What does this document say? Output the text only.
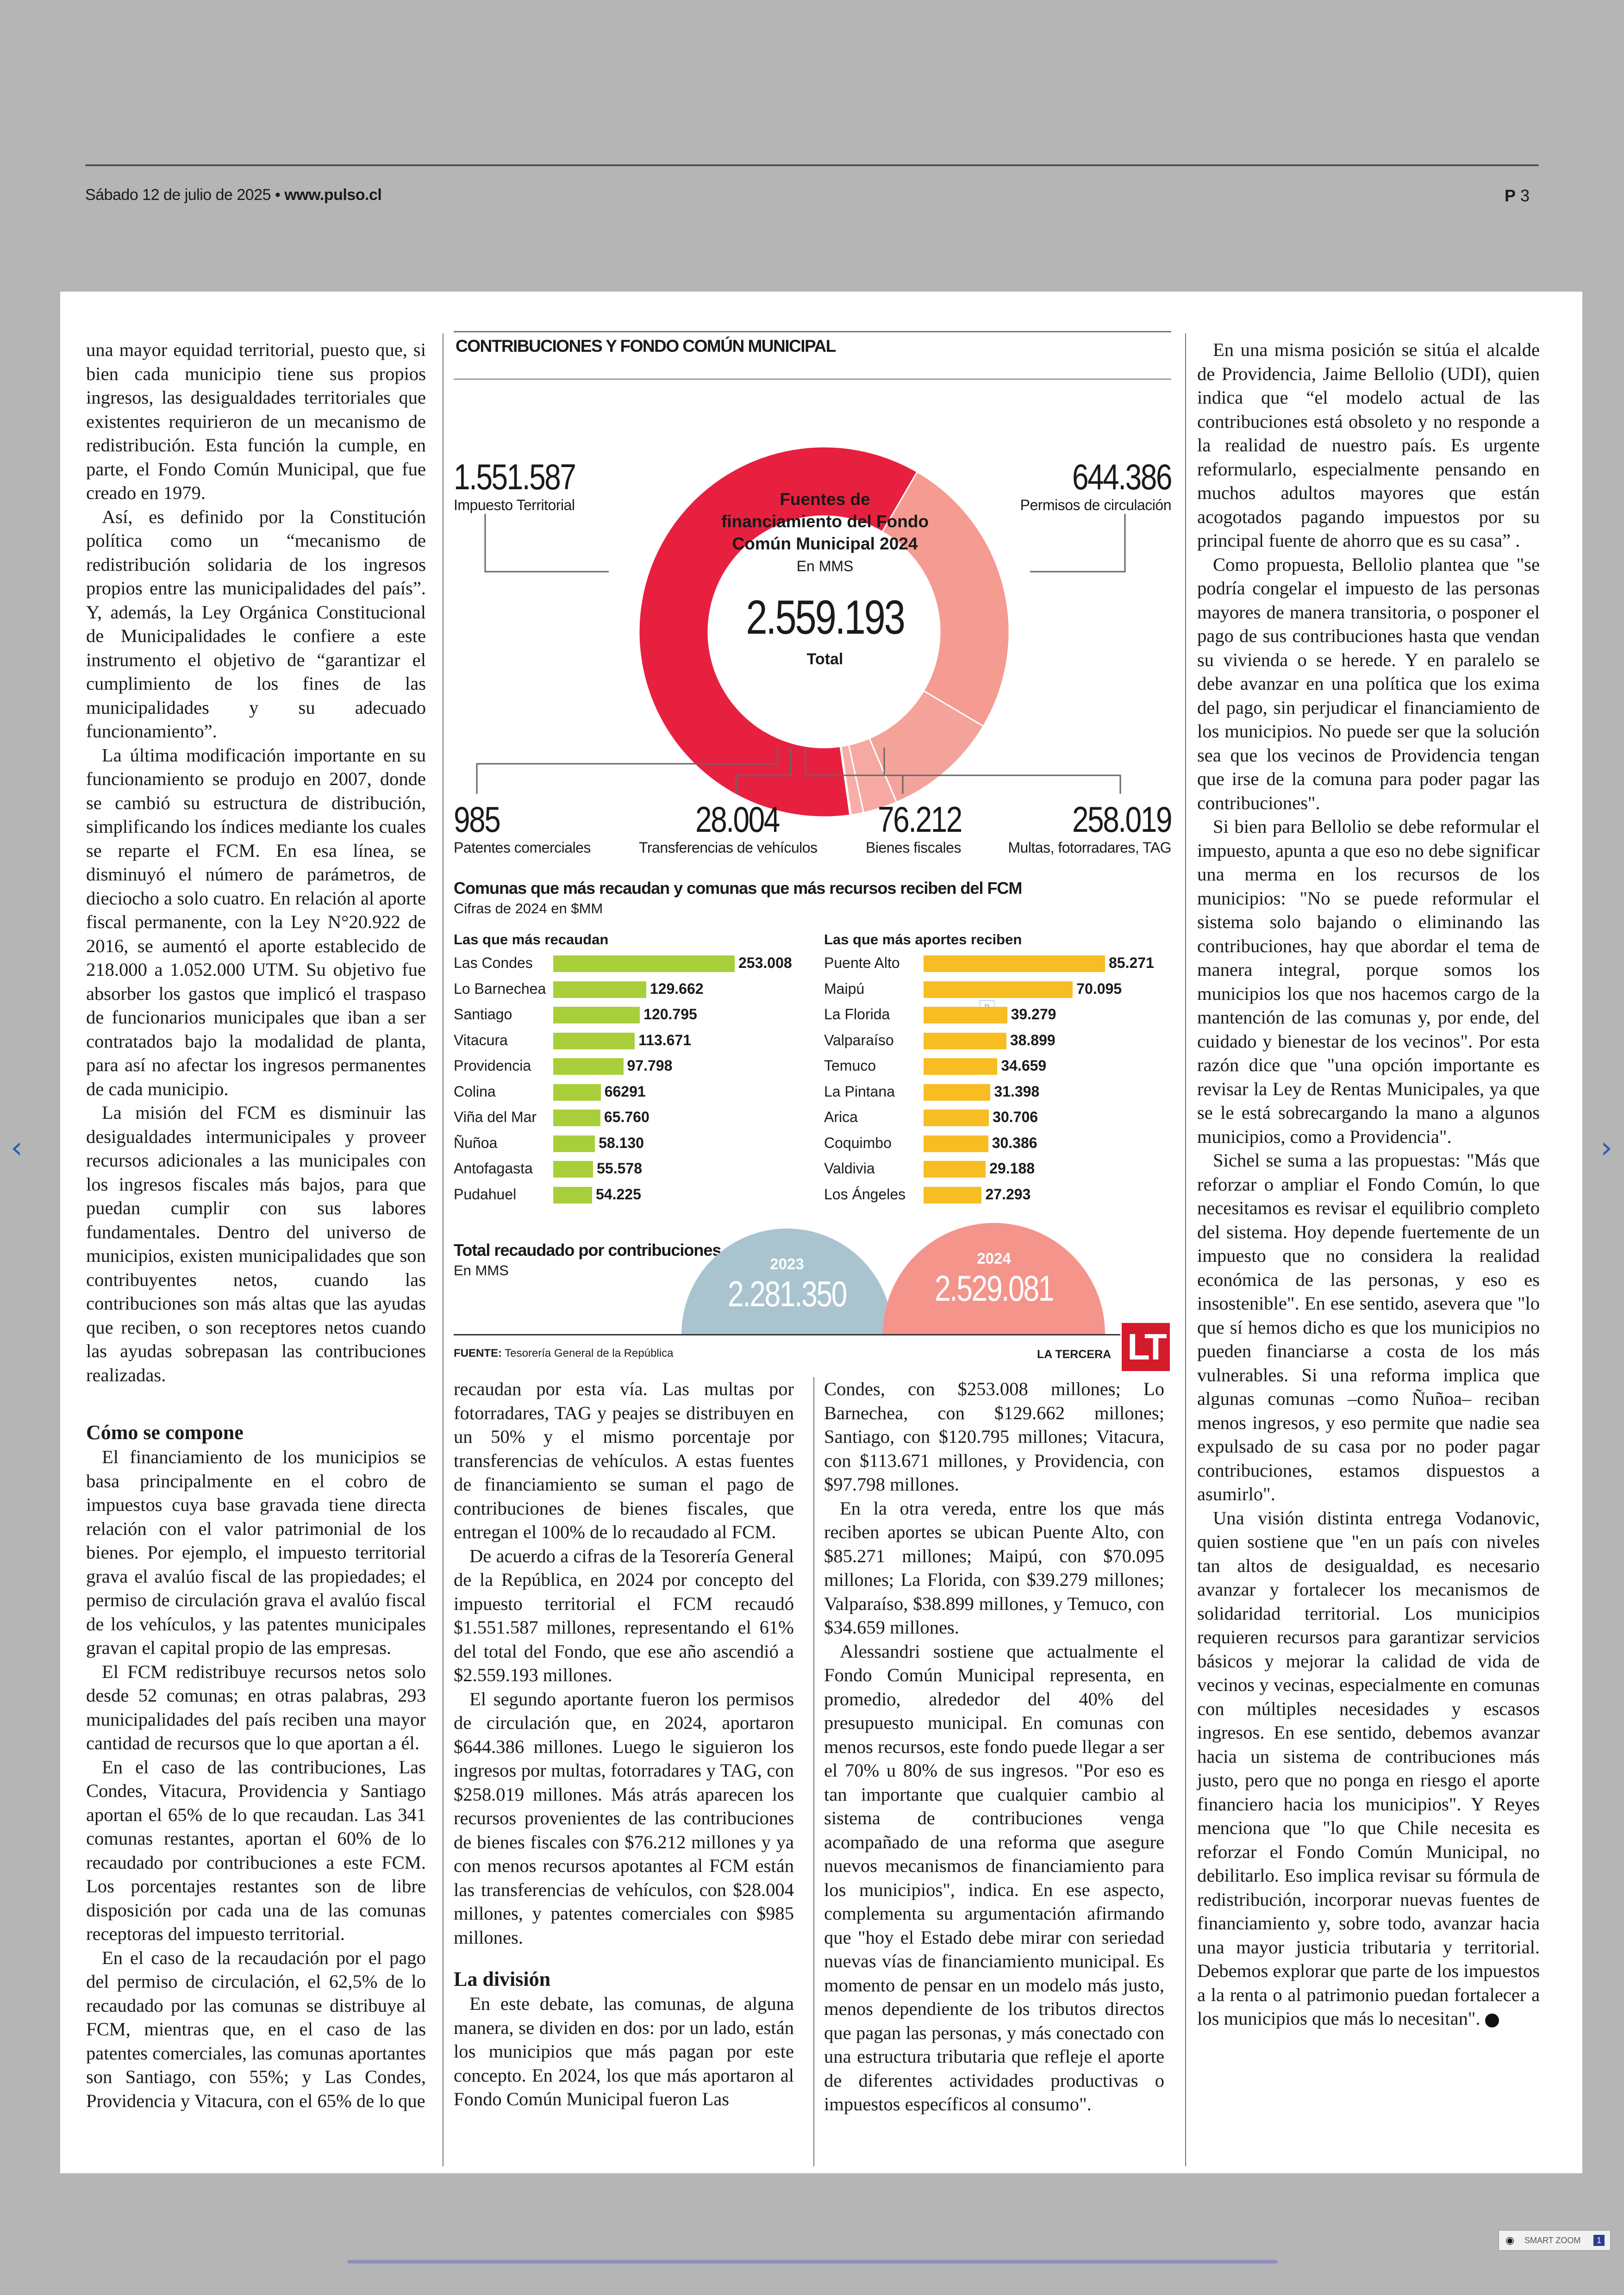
Sábado 12 de julio de 2025 • www.pulso.cl	P 3
‹	›

una mayor equidad territorial, puesto que, si bien cada municipio tiene sus propios ingresos, las desigualdades territoriales que existentes requirieron de un mecanismo de redistribución. Esta función la cumple, en parte, el Fondo Común Municipal, que fue creado en 1979.

Así, es definido por la Constitución política como un “mecanismo de redistribución solidaria de los ingresos propios entre las municipalidades del país”. Y, además, la Ley Orgánica Constitucional de Municipalidades le confiere a este instrumento el objetivo de “garantizar el cumplimiento de los fines de las municipalidades y su adecuado funcionamiento”.

La última modificación importante en su funcionamiento se produjo en 2007, donde se cambió su estructura de distribución, simplificando los índices mediante los cuales se reparte el FCM. En esa línea, se disminuyó el número de parámetros, de dieciocho a solo cuatro. En relación al aporte fiscal permanente, con la Ley N°20.922 de 2016, se aumentó el aporte establecido de 218.000 a 1.052.000 UTM. Su objetivo fue absorber los gastos que implicó el traspaso de funcionarios municipales que iban a ser contratados bajo la modalidad de planta, para así no afectar los ingresos permanentes de cada municipio.

La misión del FCM es disminuir las desigualdades intermunicipales y proveer recursos adicionales a las municipales con los ingresos fiscales más bajos, para que puedan cumplir con sus labores fundamentales. Dentro del universo de municipios, existen municipalidades que son contribuyentes netos, cuando las contribuciones son más altas que las ayudas que reciben, o son receptores netos cuando las ayudas sobrepasan las contribuciones realizadas.

Cómo se compone

El financiamiento de los municipios se basa principalmente en el cobro de impuestos cuya base gravada tiene directa relación con el valor patrimonial de los bienes. Por ejemplo, el impuesto territorial grava el avalúo fiscal de las propiedades; el permiso de circulación grava el avalúo fiscal de los vehículos, y las patentes municipales gravan el capital propio de las empresas.

El FCM redistribuye recursos netos solo desde 52 comunas; en otras palabras, 293 municipalidades del país reciben una mayor cantidad de recursos que lo que aportan a él.

En el caso de las contribuciones, Las Condes, Vitacura, Providencia y Santiago aportan el 65% de lo que recaudan. Las 341 comunas restantes, aportan el 60% de lo recaudado por contribuciones a este FCM. Los porcentajes restantes son de libre disposición por cada una de las comunas receptoras del impuesto territorial.

En el caso de la recaudación por el pago del permiso de circulación, el 62,5% de lo recaudado por las comunas se distribuye al FCM, mientras que, en el caso de las patentes comerciales, las comunas aportantes son Santiago, con 55%; y Las Condes, Providencia y Vitacura, con el 65% de lo que

recaudan por esta vía. Las multas por fotorradares, TAG y peajes se distribuyen en un 50% y el mismo porcentaje por transferencias de vehículos. A estas fuentes de financiamiento se suman el pago de contribuciones de bienes fiscales, que entregan el 100% de lo recaudado al FCM.

De acuerdo a cifras de la Tesorería General de la República, en 2024 por concepto del impuesto territorial el FCM recaudó $1.551.587 millones, representando el 61% del total del Fondo, que ese año ascendió a $2.559.193 millones.

El segundo aportante fueron los permisos de circulación que, en 2024, aportaron $644.386 millones. Luego le siguieron los ingresos por multas, fotorradares y TAG, con $258.019 millones. Más atrás aparecen los recursos provenientes de las contribuciones de bienes fiscales con $76.212 millones y ya con menos recursos apotantes al FCM están las transferencias de vehículos, con $28.004 millones, y patentes comerciales con $985 millones.

La división

En este debate, las comunas, de alguna manera, se dividen en dos: por un lado, están los municipios que más pagan por este concepto. En 2024, los que más aportaron al Fondo Común Municipal fueron Las

Condes, con $253.008 millones; Lo Barnechea, con $129.662 millones; Santiago, con $120.795 millones; Vitacura, con $113.671 millones, y Providencia, con $97.798 millones.

En la otra vereda, entre los que más reciben aportes se ubican Puente Alto, con $85.271 millones; Maipú, con $70.095 millones; La Florida, con $39.279 millones; Valparaíso, $38.899 millones, y Temuco, con $34.659 millones.

Alessandri sostiene que actualmente el Fondo Común Municipal representa, en promedio, alrededor del 40% del presupuesto municipal. En comunas con menos recursos, este fondo puede llegar a ser el 70% u 80% de sus ingresos. "Por eso es tan importante que cualquier cambio al sistema de contribuciones venga acompañado de una reforma que asegure nuevos mecanismos de financiamiento para los municipios", indica. En ese aspecto, complementa su argumentación afirmando que "hoy el Estado debe mirar con seriedad nuevas vías de financiamiento municipal. Es momento de pensar en un modelo más justo, menos dependiente de los tributos directos que pagan las personas, y más conectado con una estructura tributaria que refleje el aporte de diferentes actividades productivas o impuestos específicos al consumo".

En una misma posición se sitúa el alcalde de Providencia, Jaime Bellolio (UDI), quien indica que “el modelo actual de las contribuciones está obsoleto y no responde a la realidad de nuestro país. Es urgente reformularlo, especialmente pensando en muchos adultos mayores que están acogotados pagando impuestos por su principal fuente de ahorro que es su casa” .

Como propuesta, Bellolio plantea que "se podría congelar el impuesto de las personas mayores de manera transitoria, o posponer el pago de sus contribuciones hasta que vendan su vivienda o se herede. Y en paralelo se debe avanzar en una política que los exima del pago, sin perjudicar el financiamiento de los municipios. No puede ser que la solución sea que los vecinos de Providencia tengan que irse de la comuna para poder pagar las contribuciones".

Si bien para Bellolio se debe reformular el impuesto, apunta a que eso no debe significar una merma en los recursos de los municipios: "No se puede reformular el sistema solo bajando o eliminando las contribuciones, hay que abordar el tema de manera integral, porque somos los municipios los que nos hacemos cargo de la mantención de las comunas y, por ende, del cuidado y bienestar de los vecinos". Por esta razón dice que "una opción importante es revisar la Ley de Rentas Municipales, ya que se le está sobrecargando la mano a algunos municipios, como a Providencia".

Sichel se suma a las propuestas: "Más que reforzar o ampliar el Fondo Común, lo que necesitamos es revisar el equilibrio completo del sistema. Hoy depende fuertemente de un impuesto que no considera la realidad económica de las personas, y eso es insostenible". En ese sentido, asevera que "lo que sí hemos dicho es que los municipios no pueden financiarse a costa de los más vulnerables. Si una reforma implica que algunas comunas –como Ñuñoa– reciban menos ingresos, y eso permite que nadie sea expulsado de su casa por no poder pagar contribuciones, estamos dispuestos a asumirlo".

Una visión distinta entrega Vodanovic, quien sostiene que "en un país con niveles tan altos de desigualdad, es necesario avanzar y fortalecer los mecanismos de solidaridad territorial. Los municipios requieren recursos para garantizar servicios básicos y mejorar la calidad de vida de vecinos y vecinas, especialmente en comunas con múltiples necesidades y escasos ingresos. En ese sentido, debemos avanzar hacia un sistema de contribuciones más justo, pero que no ponga en riesgo el aporte financiero hacia los municipios". Y Reyes menciona que "lo que Chile necesita es reforzar el Fondo Común Municipal, no debilitarlo. Eso implica revisar su fórmula de redistribución, incorporar nuevas fuentes de financiamiento y, sobre todo, avanzar hacia una mayor justicia tributaria y territorial. Debemos explorar que parte de los impuestos a la renta o al patrimonio puedan fortalecer a los municipios que más lo necesitan". P

CONTRIBUCIONES Y FONDO COMÚN MUNICIPAL
1.551.587
Impuesto Territorial
644.386
Permisos de circulación
Fuentes de financiamiento del Fondo Común Municipal 2024
En MMS
2.559.193
Total
985
Patentes comerciales
28.004
Transferencias de vehículos
76.212
Bienes fiscales
258.019
Multas, fotorradares, TAG
Comunas que más recaudan y comunas que más recursos reciben del FCM
Cifras de 2024 en $MM
Las que más recaudan	Las que más aportes reciben
Las Condes	253.008
Lo Barnechea	129.662
Santiago	120.795
Vitacura	113.671
Providencia	97.798
Colina	66291
Viña del Mar	65.760
Ñuñoa	58.130
Antofagasta	55.578
Pudahuel	54.225
Puente Alto	85.271
Maipú	70.095
La Florida	39.279
Valparaíso	38.899
Temuco	34.659
La Pintana	31.398
Arica	30.706
Coquimbo	30.386
Valdivia	29.188
Los Ángeles	27.293
Total recaudado por contribuciones
En MMS	2023
2.281.350
2024
2.529.081
FUENTE: Tesorería General de la República	LA TERCERA LT
◉ SMART ZOOM	1
